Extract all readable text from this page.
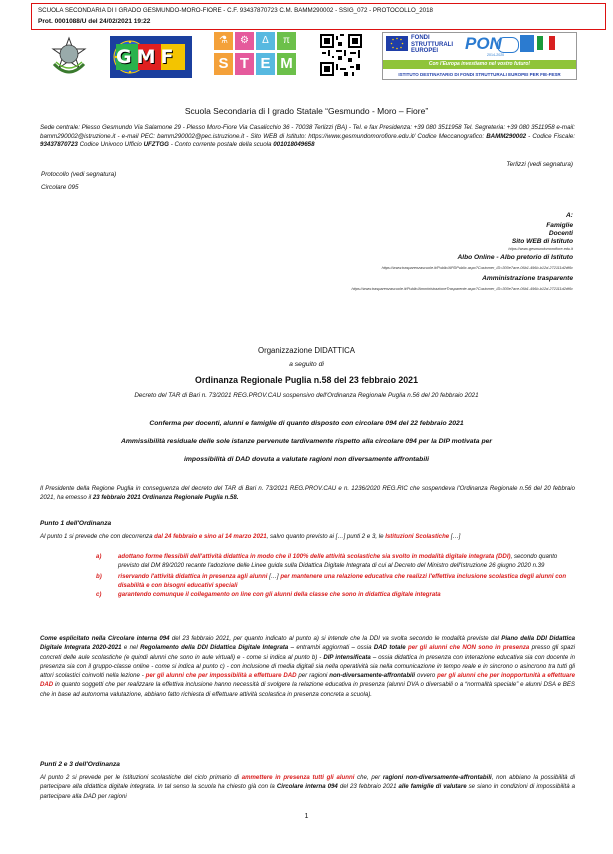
SCUOLA SECONDARIA DI I GRADO GESMUNDO-MORO-FIORE - C.F. 93437870723 C.M. BAMM290002 - SSIG_072 - PROTOCOLLO_2018
Prot. 0001088/U del 24/02/2021 19:22
GMF
⚗	⚙	Δ	π
S T E M
FONDI
STRUTTURALI
EUROPEI	PON
2014-2020
Con l'Europa investiamo nel vostro futuro!
ISTITUTO DESTINATARIO DI FONDI STRUTTURALI EUROPEI PER FIE-FESR
Scuola Secondaria di I grado Statale “Gesmundo - Moro – Fiore”
Sede centrale: Plesso Gesmundo Via Salamone 29 - Plesso Moro-Fiore Via Casalicchio 36 - 70038 Terlizzi (BA) - Tel. e fax Presidenza: +39 080 3511958 Tel. Segreteria: +39 080 3511958 e-mail: bamm290002@istruzione.it - e-mail PEC: bamm290002@pec.istruzione.it - Sito WEB di Istituto: https://www.gesmundomorofiore.edu.it/ Codice Meccanografico: BAMM290002 - Codice Fiscale: 93437870723 Codice Univoco Ufficio UFZTGG - Conto corrente postale della scuola 001018049658
Terlizzi (vedi segnatura)
Protocollo (vedi segnatura)
Circolare 095
A:
Famiglie
Docenti
Sito WEB di Istituto
https://www.gesmundomorofiore.edu.it
Albo Online - Albo pretorio di Istituto
https://www.trasparenzascuole.it/Public/APDPublic.aspx?Customer_ID=300e7ace-06b1-496b-b12d-272111d2df6c
Amministrazione trasparente
https://www.trasparenzascuole.it/Public/AmministrazioneTrasparente.aspx?Customer_ID=300e7ace-06b1-496b-b12d-272111d2df6c
Organizzazione DIDATTICA
a seguito di
Ordinanza Regionale Puglia n.58 del 23 febbraio 2021
Decreto del TAR di Bari n. 73/2021 REG.PROV.CAU sospensivo dell'Ordinanza Regionale Puglia n.56 del 20 febbraio 2021
Conferma per docenti, alunni e famiglie di quanto disposto con circolare 094 del 22 febbraio 2021
Ammissibilità residuale delle sole istanze pervenute tardivamente rispetto alla circolare 094 per la DIP motivata per
impossibilità di DAD dovuta a valutate ragioni non diversamente affrontabili
Il Presidente della Regione Puglia in conseguenza del decreto del TAR di Bari n. 73/2021 REG.PROV.CAU e n. 1236/2020 REG.RIC che sospendeva l'Ordinanza Regionale n.56 del 20 febbraio 2021, ha emesso il 23 febbraio 2021 Ordinanza Regionale Puglia n.58.
Punto 1 dell'Ordinanza
Al punto 1 si prevede che con decorrenza dal 24 febbraio e sino al 14 marzo 2021, salvo quanto previsto ai […] punti 2 e 3, le Istituzioni Scolastiche […]
a)	adottano forme flessibili dell'attività didattica in modo che il 100% delle attività scolastiche sia svolto in modalità digitale integrata (DDI), secondo quanto previsto dal DM 89/2020 recante l'adozione delle Linee guida sulla Didattica Digitale Integrata di cui al Decreto del Ministro dell'Istruzione 26 giugno 2020 n.39
b)	riservando l'attività didattica in presenza agli alunni […] per mantenere una relazione educativa che realizzi l'effettiva inclusione scolastica degli alunni con disabilità e con bisogni educativi speciali
c)	garantendo comunque il collegamento on line con gli alunni della classe che sono in didattica digitale integrata
Come esplicitato nella Circolare interna 094 del 23 febbraio 2021, per quanto indicato al punto a) si intende che la DDI va svolta secondo le modalità previste dal Piano della DDI Didattica Digitale Integrata 2020-2021 e nel Regolamento della DDI Didattica Digitale Integrata – entrambi aggiornati – ossia DAD totale per gli alunni che NON sono in presenza presso gli spazi concreti delle aule scolastiche (e quindi alunni che sono in aule virtuali) e - come si indica al punto b) - DIP intensificata – ossia didattica in presenza con interazione educativa sia con docente in presenza sia con il gruppo-classe online - come si indica al punto c) - con inclusione di media digitali sia nella operatività sia nella comunicazione in tempo reale e in sincrono o asincrono tra tutti gli attori scolastici coinvolti nella lezione - per gli alunni che per impossibilità a effettuare DAD per ragioni non-diversamente-affrontabili ovvero per gli alunni che per inopportunità a effettuare DAD in quanto soggetti che per realizzare la effettiva inclusione hanno necessità di svolgere la relazione educativa in presenza (alunni DVA o diversabili o a “normalità speciale” e alunni DSA e BES che in base ad autonoma valutazione, abbiano fatto richiesta di effettuare attività scolastica in presenza concreta a scuola).
Punti 2 e 3 dell'Ordinanza
Al punto 2 si prevede per le Istituzioni scolastiche del ciclo primario di ammettere in presenza tutti gli alunni che, per ragioni non-diversamente-affrontabili, non abbiano la possibilità di partecipare alla didattica digitale integrata. In tal senso la scuola ha chiesto già con la Circolare interna 094 del 23 febbraio 2021 alle famiglie di valutare se siano in condizioni di impossibilità a partecipare alla DAD per ragioni
1
